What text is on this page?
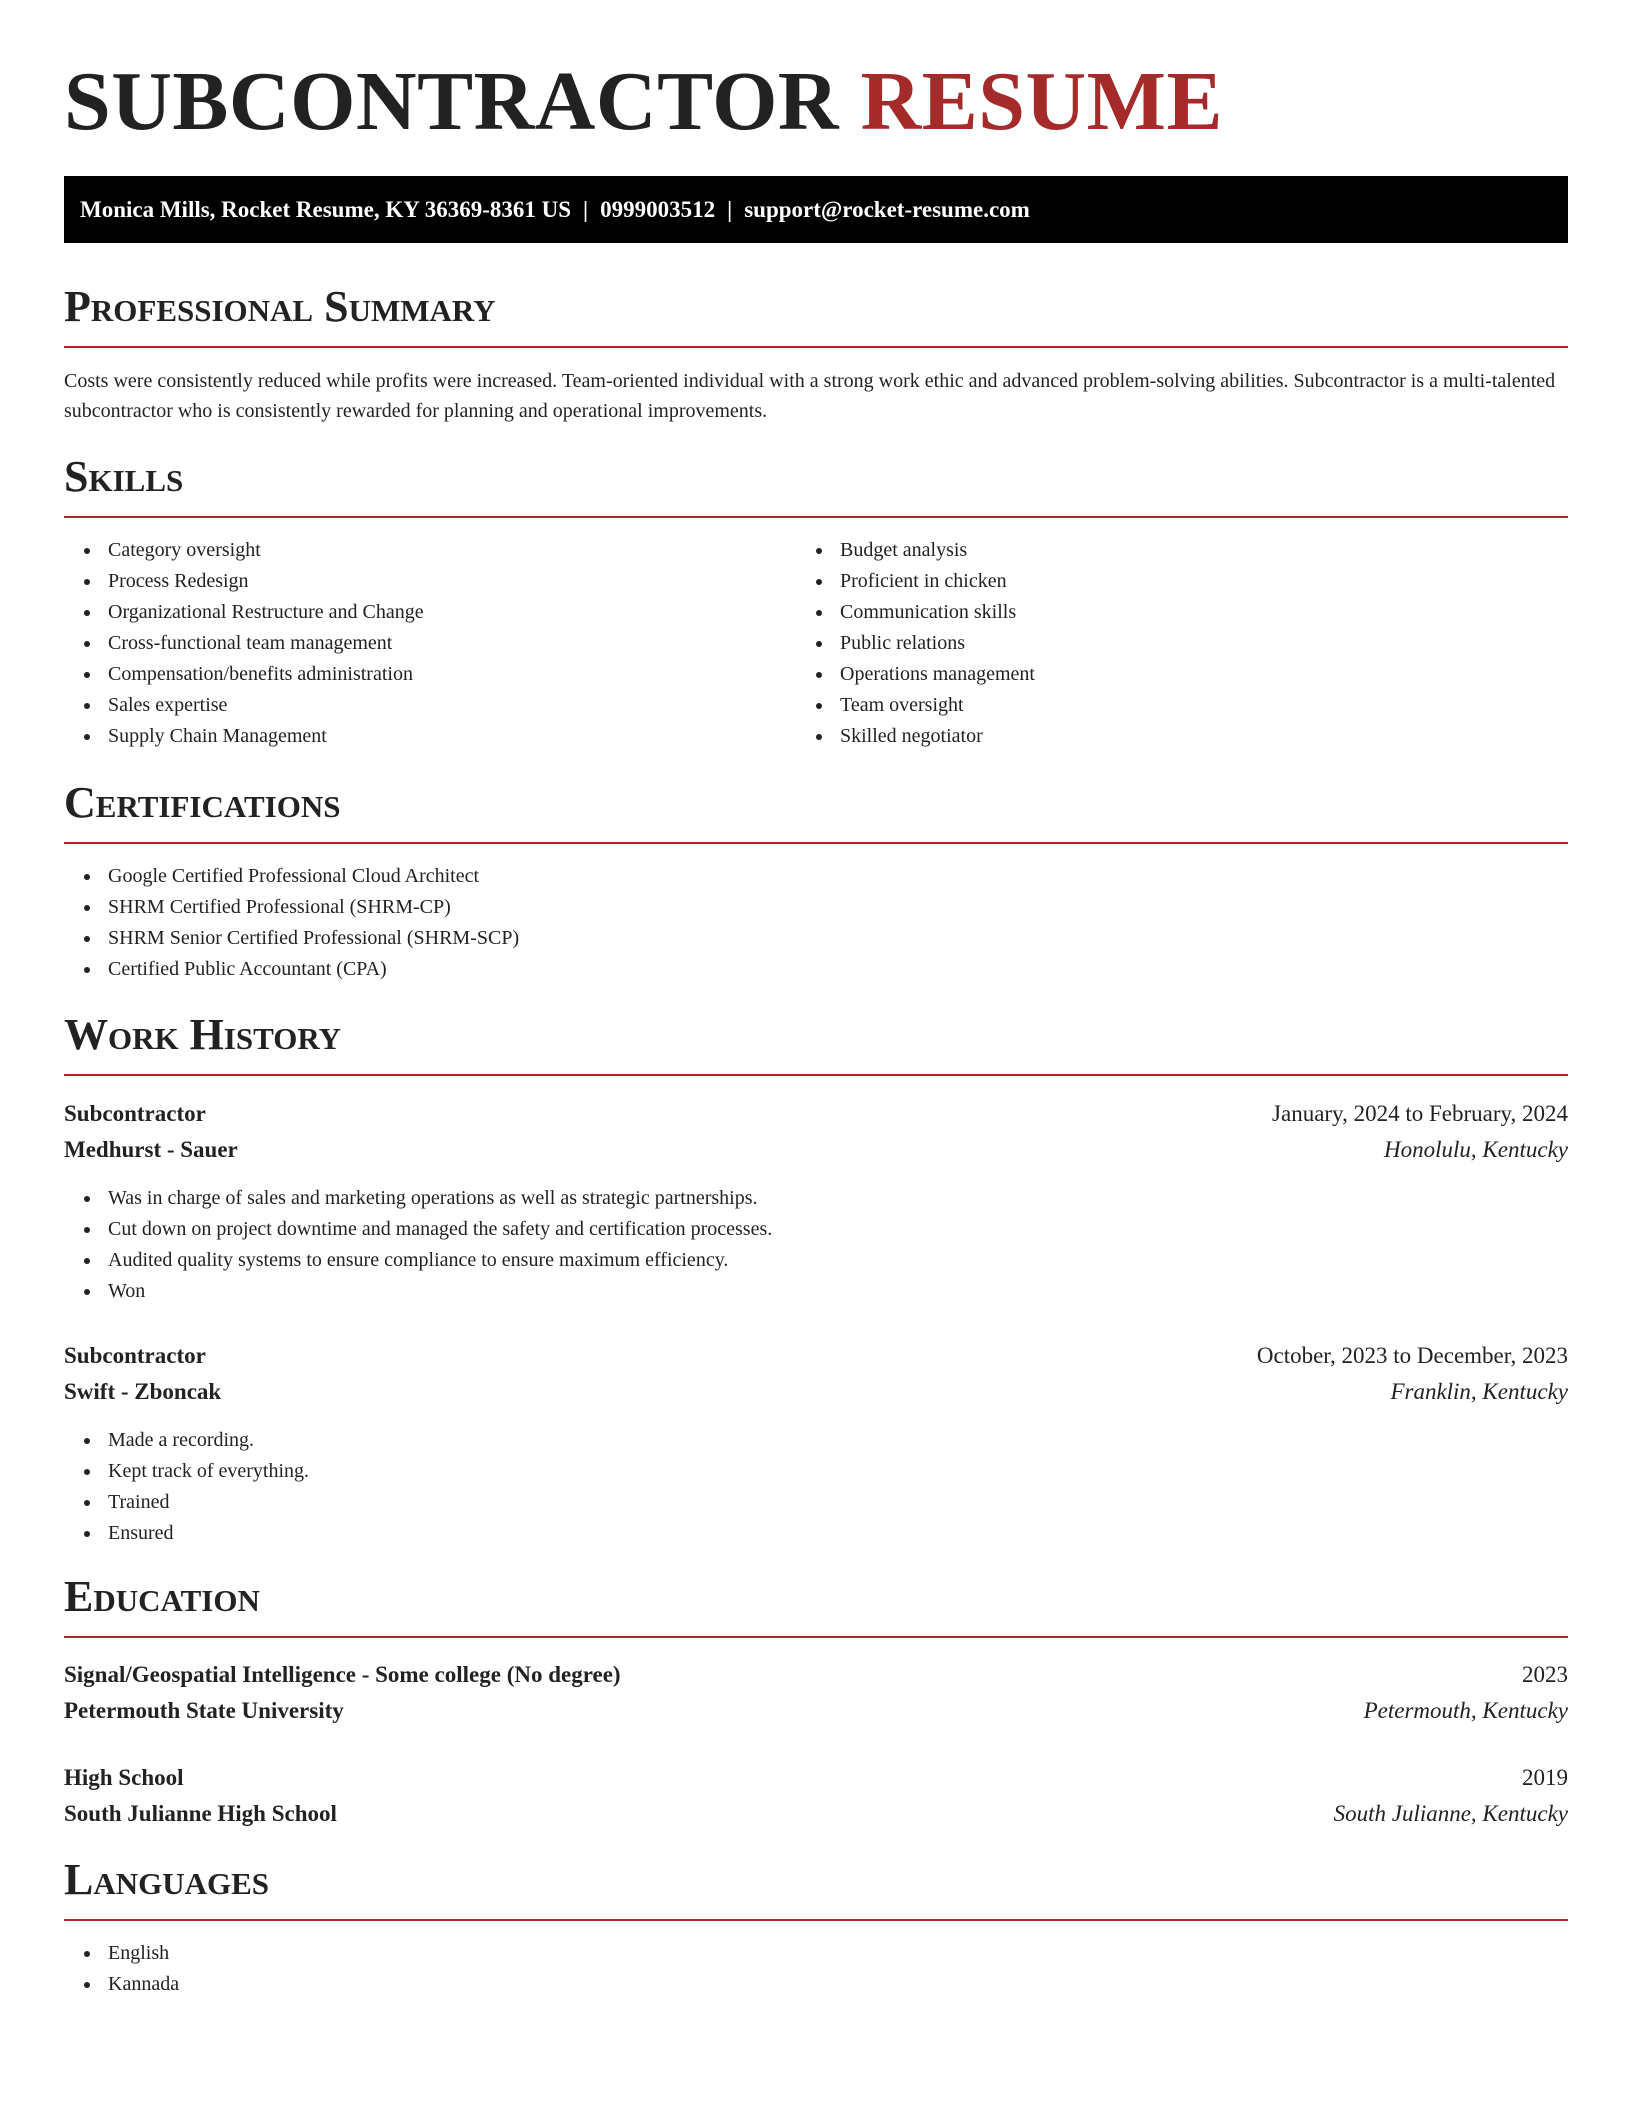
SUBCONTRACTOR RESUME
Monica Mills, Rocket Resume, KY 36369-8361 US | 0999003512 | support@rocket-resume.com
Professional Summary

Costs were consistently reduced while profits were increased. Team-oriented individual with a strong work ethic and advanced problem-solving abilities. Subcontractor is a multi-talented subcontractor who is consistently rewarded for planning and operational improvements.

Skills
Category oversight
Process Redesign
Organizational Restructure and Change
Cross-functional team management
Compensation/benefits administration
Sales expertise
Supply Chain Management
Budget analysis
Proficient in chicken
Communication skills
Public relations
Operations management
Team oversight
Skilled negotiator
Certifications
Google Certified Professional Cloud Architect
SHRM Certified Professional (SHRM-CP)
SHRM Senior Certified Professional (SHRM-SCP)
Certified Public Accountant (CPA)
Work History
Subcontractor	January, 2024 to February, 2024
Medhurst - Sauer	Honolulu, Kentucky
Was in charge of sales and marketing operations as well as strategic partnerships.
Cut down on project downtime and managed the safety and certification processes.
Audited quality systems to ensure compliance to ensure maximum efficiency.
Won
Subcontractor	October, 2023 to December, 2023
Swift - Zboncak	Franklin, Kentucky
Made a recording.
Kept track of everything.
Trained
Ensured
Education
Signal/Geospatial Intelligence - Some college (No degree)	2023
Petermouth State University	Petermouth, Kentucky
High School	2019
South Julianne High School	South Julianne, Kentucky
Languages
English
Kannada
